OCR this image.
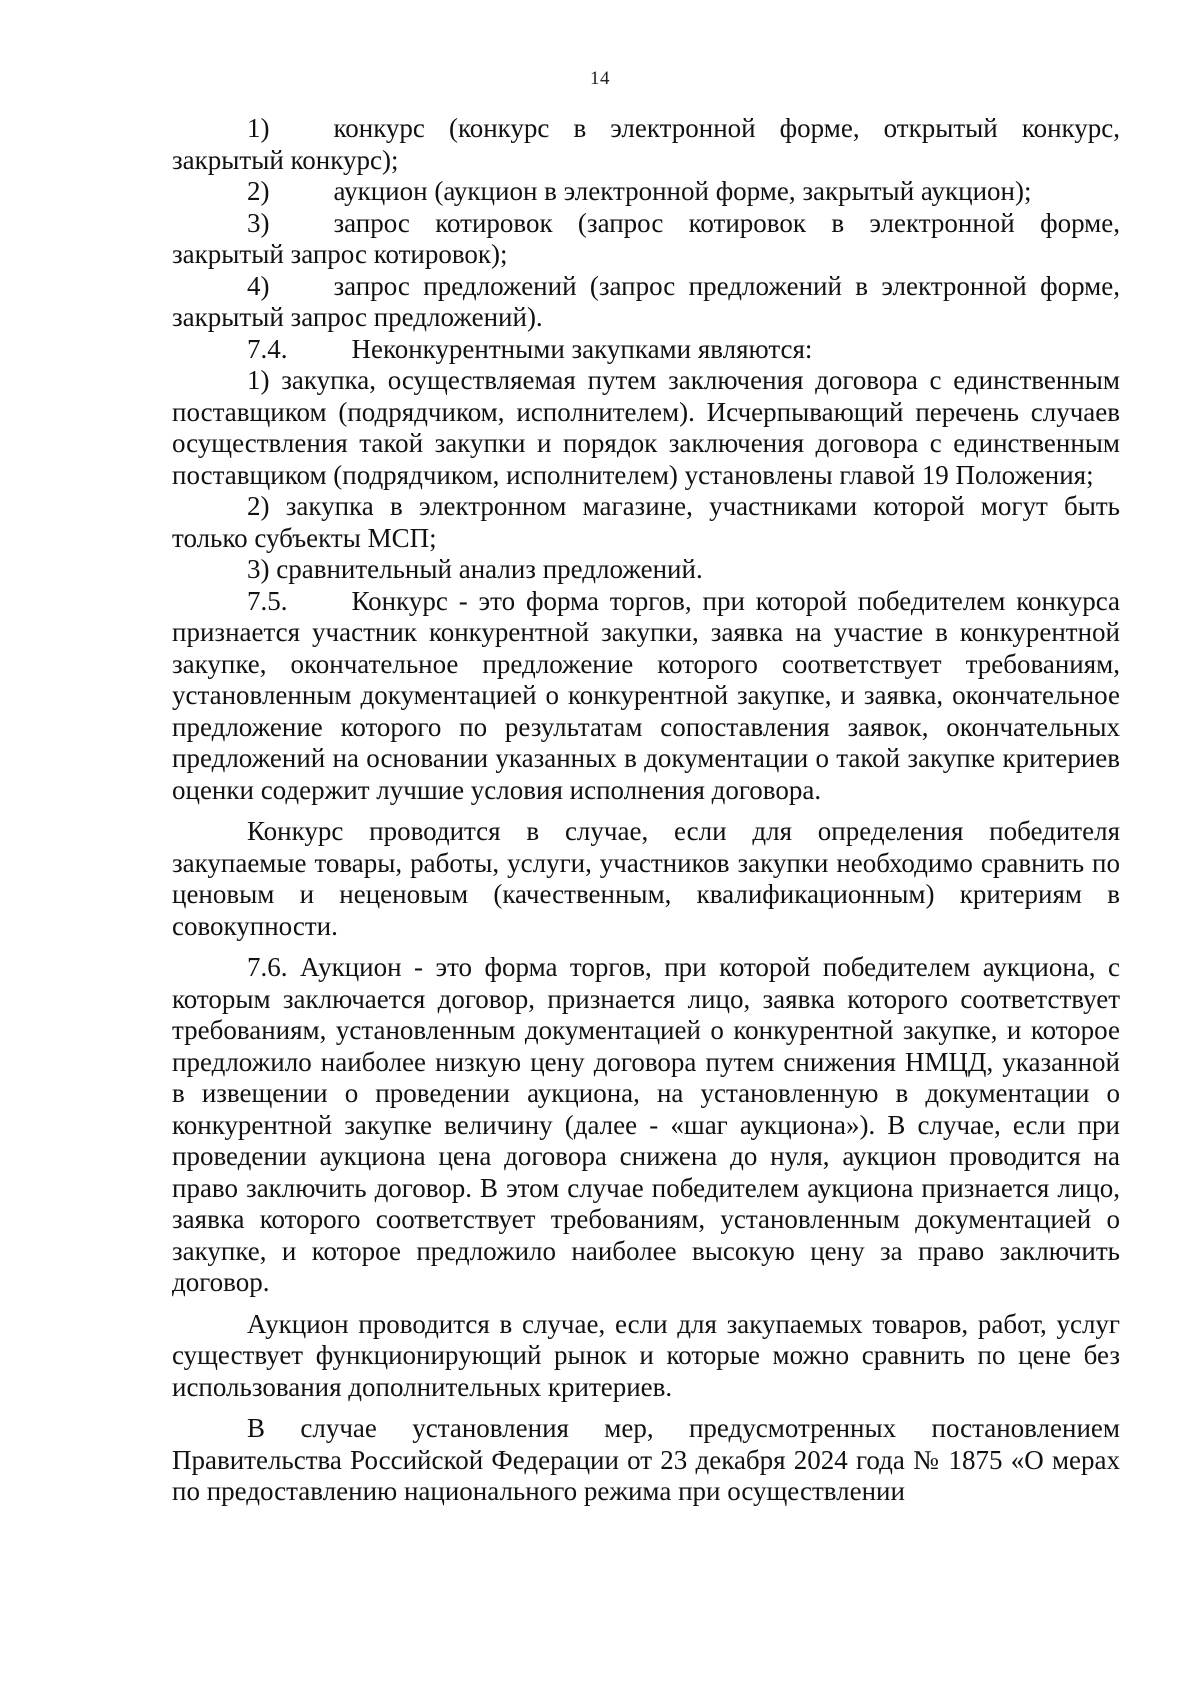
14

1) конкурс (конкурс в электронной форме, открытый конкурс, закрытый конкурс);

2) аукцион (аукцион в электронной форме, закрытый аукцион);

3) запрос котировок (запрос котировок в электронной форме, закрытый запрос котировок);

4) запрос предложений (запрос предложений в электронной форме, закрытый запрос предложений).

7.4. Неконкурентными закупками являются:

1) закупка, осуществляемая путем заключения договора с единственным поставщиком (подрядчиком, исполнителем). Исчерпывающий перечень случаев осуществления такой закупки и порядок заключения договора с единственным поставщиком (подрядчиком, исполнителем) установлены главой 19 Положения;

2) закупка в электронном магазине, участниками которой могут быть только субъекты МСП;

3) сравнительный анализ предложений.

7.5. Конкурс - это форма торгов, при которой победителем конкурса признается участник конкурентной закупки, заявка на участие в конкурентной закупке, окончательное предложение которого соответствует требованиям, установленным документацией о конкурентной закупке, и заявка, окончательное предложение которого по результатам сопоставления заявок, окончательных предложений на основании указанных в документации о такой закупке критериев оценки содержит лучшие условия исполнения договора.

Конкурс проводится в случае, если для определения победителя закупаемые товары, работы, услуги, участников закупки необходимо сравнить по ценовым и неценовым (качественным, квалификационным) критериям в совокупности.

7.6. Аукцион - это форма торгов, при которой победителем аукциона, с которым заключается договор, признается лицо, заявка которого соответствует требованиям, установленным документацией о конкурентной закупке, и которое предложило наиболее низкую цену договора путем снижения НМЦД, указанной в извещении о проведении аукциона, на установленную в документации о конкурентной закупке величину (далее - «шаг аукциона»). В случае, если при проведении аукциона цена договора снижена до нуля, аукцион проводится на право заключить договор. В этом случае победителем аукциона признается лицо, заявка которого соответствует требованиям, установленным документацией о закупке, и которое предложило наиболее высокую цену за право заключить договор.

Аукцион проводится в случае, если для закупаемых товаров, работ, услуг существует функционирующий рынок и которые можно сравнить по цене без использования дополнительных критериев.

В случае установления мер, предусмотренных постановлением Правительства Российской Федерации от 23 декабря 2024 года № 1875 «О мерах по предоставлению национального режима при осуществлении
